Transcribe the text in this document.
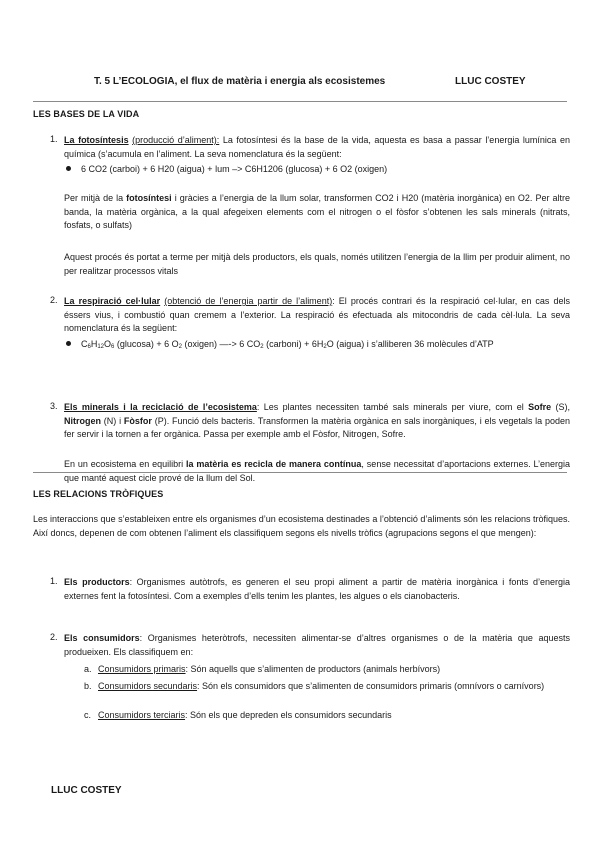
T. 5 L’ECOLOGIA, el flux de matèria i energia als ecosistemes	LLUC COSTEY
LES BASES DE LA VIDA
1. La fotosíntesis (producció d’aliment): La fotosíntesi és la base de la vida, aquesta es basa a passar l’energia lumínica en química (s’acumula en l’aliment. La seva nomenclatura és la següent:
6 CO2 (carboi) + 6 H20 (aigua) + lum –> C6H1206 (glucosa) + 6 O2 (oxigen)
Per mitjà de la fotosíntesi i gràcies a l’energia de la llum solar, transformen CO2 i H20 (matèria inorgànica) en O2. Per altre banda, la matèria orgànica, a la qual afegeixen elements com el nitrogen o el fòsfor s’obtenen les sals minerals (nitrats, fosfats, o sulfats)
Aquest procés és portat a terme per mitjà dels productors, els quals, només utilitzen l’energia de la llim per produir aliment, no per realitzar processos vitals
2. La respiració cel·lular (obtenció de l’energia partir de l’aliment): El procés contrari és la respiració cel·lular, en cas dels éssers vius, i combustió quan cremem a l’exterior. La respiració és efectuada als mitocondris de cada cèl·lula. La seva nomenclatura és la següent:
$C_6H_{12}O_6$ (glucosa) + 6 $O_2$ (oxigen) —-> 6 $CO_2$ (carboni) + $6H_2O$ (aigua) i s’alliberen 36 molècules d’ATP
3. Els minerals i la reciclació de l’ecosistema: Les plantes necessiten també sals minerals per viure, com el Sofre (S), Nitrogen (N) i Fòsfor (P). Funció dels bacteris. Transformen la matèria orgànica en sals inorgàniques, i els vegetals la poden fer servir i la tornen a fer orgànica. Passa per exemple amb el Fòsfor, Nitrogen, Sofre.
En un ecosistema en equilibri la matèria es recicla de manera contínua, sense necessitat d’aportacions externes. L’energia que manté aquest cicle prové de la llum del Sol.
LES RELACIONS TRÒFIQUES
Les interaccions que s’estableixen entre els organismes d’un ecosistema destinades a l’obtenció d’aliments són les relacions tròfiques. Així doncs, depenen de com obtenen l’aliment els classifiquem segons els nivells tròfics (agrupacions segons el que mengen):
1. Els productors: Organismes autòtrofs, es generen el seu propi aliment a partir de matèria inorgànica i fonts d’energia externes fent la fotosíntesi. Com a exemples d’ells tenim les plantes, les algues o els cianobacteris.
2. Els consumidors: Organismes heteròtrofs, necessiten alimentar-se d’altres organismes o de la matèria que aquests produeixen. Els classifiquem en:
a. Consumidors primaris: Són aquells que s’alimenten de productors (animals herbívors)
b. Consumidors secundaris: Són els consumidors que s’alimenten de consumidors primaris (omnívors o carnívors)
c. Consumidors terciaris: Són els que depreden els consumidors secundaris
LLUC COSTEY
